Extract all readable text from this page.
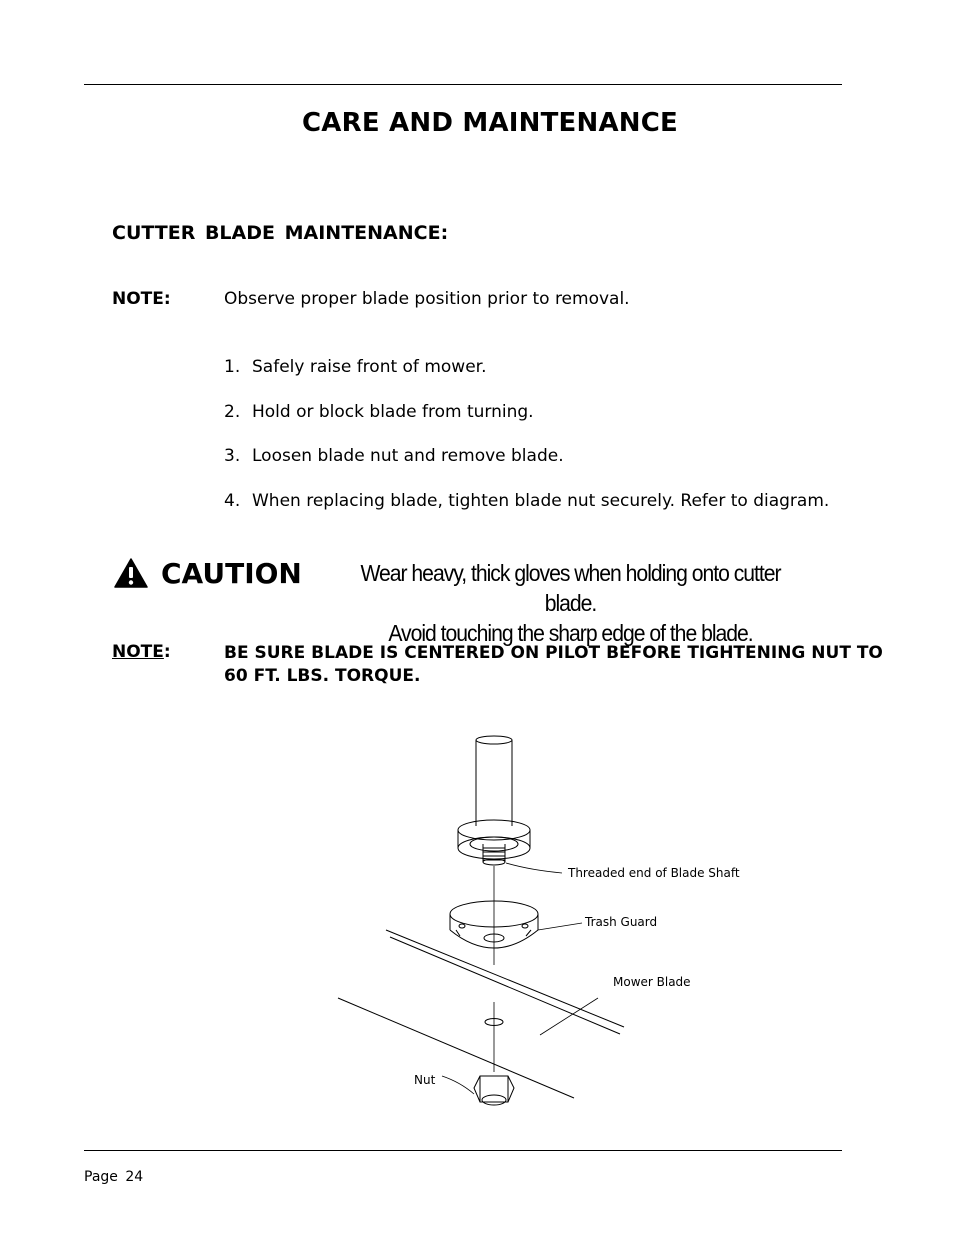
CARE AND MAINTENANCE
CUTTER BLADE MAINTENANCE:
NOTE:	Observe proper blade position prior to removal.
1. Safely raise front of mower.
2. Hold or block blade from turning.
3. Loosen blade nut and remove blade.
4. When replacing blade, tighten blade nut securely. Refer to diagram.
CAUTION	Wear heavy, thick gloves when holding onto cutter blade.
Avoid touching the sharp edge of the blade.
NOTE:	BE SURE BLADE IS CENTERED ON PILOT BEFORE TIGHTENING NUT TO 60 FT. LBS. TORQUE.
Threaded end of Blade Shaft
Trash Guard
Mower Blade
Nut
Page 24
